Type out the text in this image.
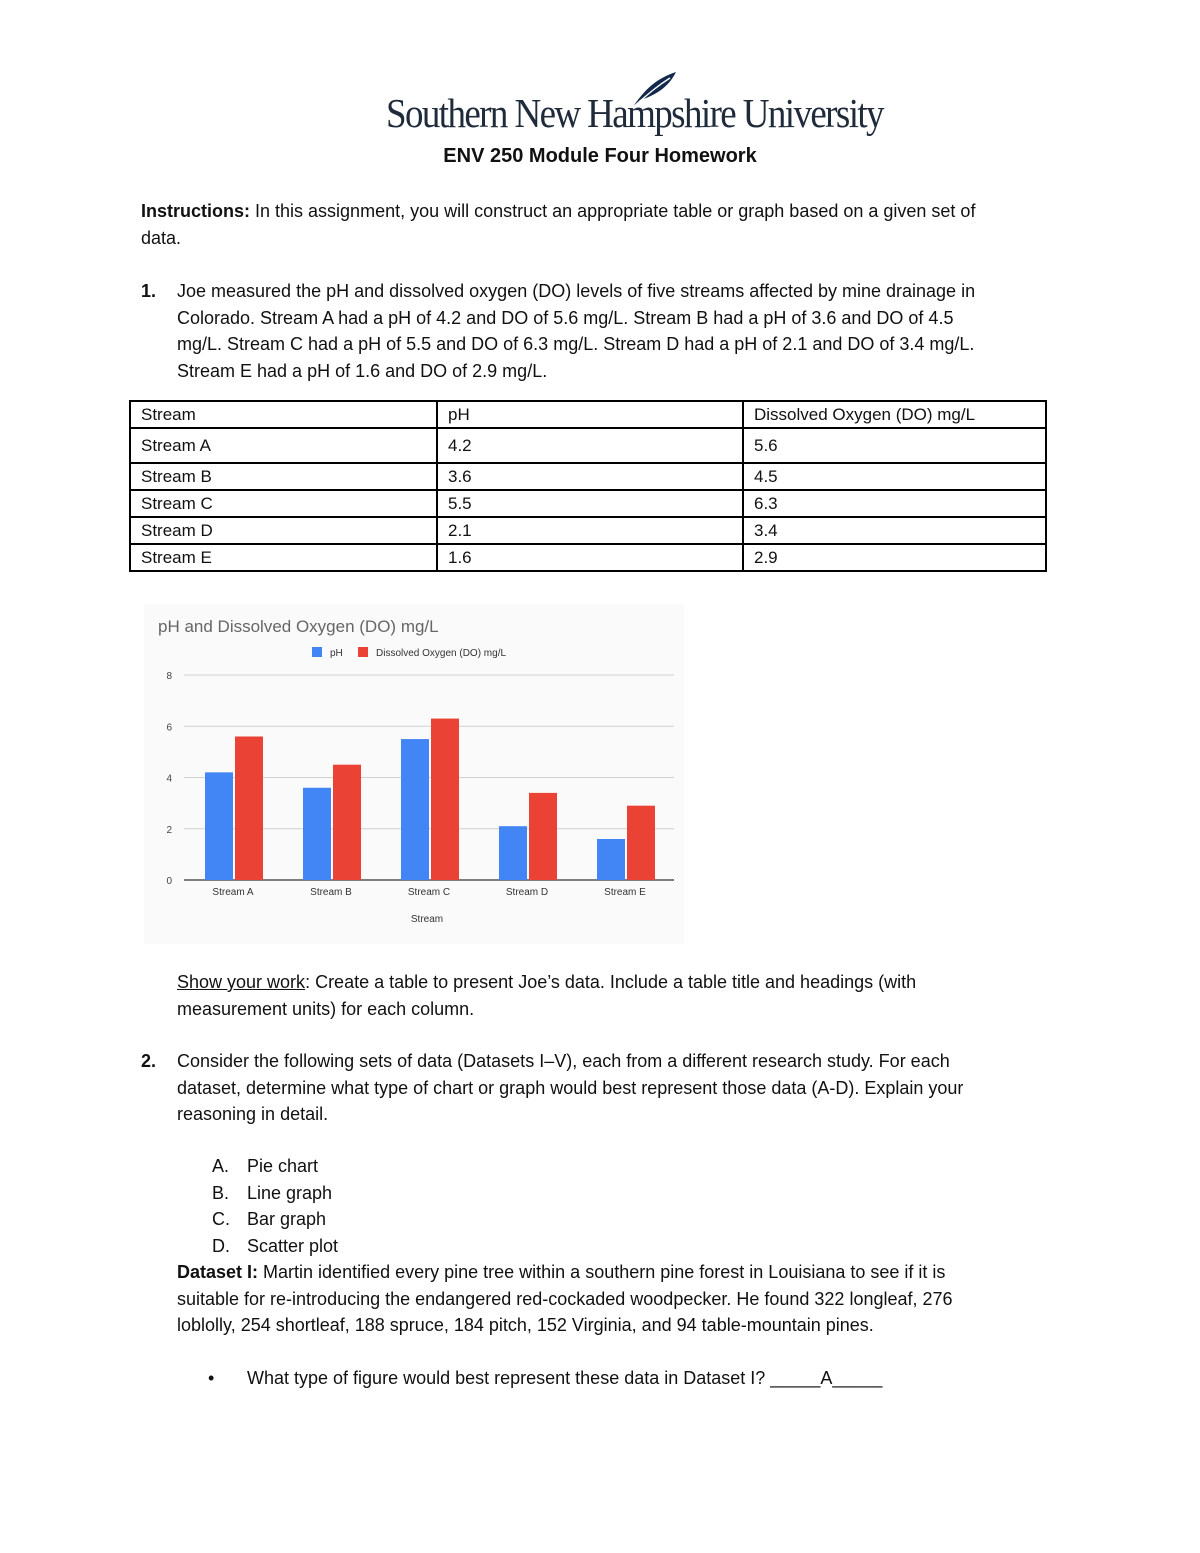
Southern New Hampshire University
ENV 250 Module Four Homework
Instructions: In this assignment, you will construct an appropriate table or graph based on a given set of
data.
1. Joe measured the pH and dissolved oxygen (DO) levels of five streams affected by mine drainage in
Colorado. Stream A had a pH of 4.2 and DO of 5.6 mg/L. Stream B had a pH of 3.6 and DO of 4.5
mg/L. Stream C had a pH of 5.5 and DO of 6.3 mg/L. Stream D had a pH of 2.1 and DO of 3.4 mg/L.
Stream E had a pH of 1.6 and DO of 2.9 mg/L.
Stream	pH	Dissolved Oxygen (DO) mg/L
Stream A	4.2	5.6
Stream B	3.6	4.5
Stream C	5.5	6.3
Stream D	2.1	3.4
Stream E	1.6	2.9
pH and Dissolved Oxygen (DO) mg/L
pH	Dissolved Oxygen (DO) mg/L
0
2
4
6
8
Stream A	Stream B	Stream C	Stream D	Stream E
Stream
Show your work: Create a table to present Joe’s data. Include a table title and headings (with
measurement units) for each column.
2. Consider the following sets of data (Datasets I–V), each from a different research study. For each
dataset, determine what type of chart or graph would best represent those data (A-D). Explain your
reasoning in detail.
A. Pie chart
B. Line graph
C. Bar graph
D. Scatter plot
Dataset I: Martin identified every pine tree within a southern pine forest in Louisiana to see if it is
suitable for re-introducing the endangered red-cockaded woodpecker. He found 322 longleaf, 276
loblolly, 254 shortleaf, 188 spruce, 184 pitch, 152 Virginia, and 94 table-mountain pines.
• What type of figure would best represent these data in Dataset I? _____A_____
